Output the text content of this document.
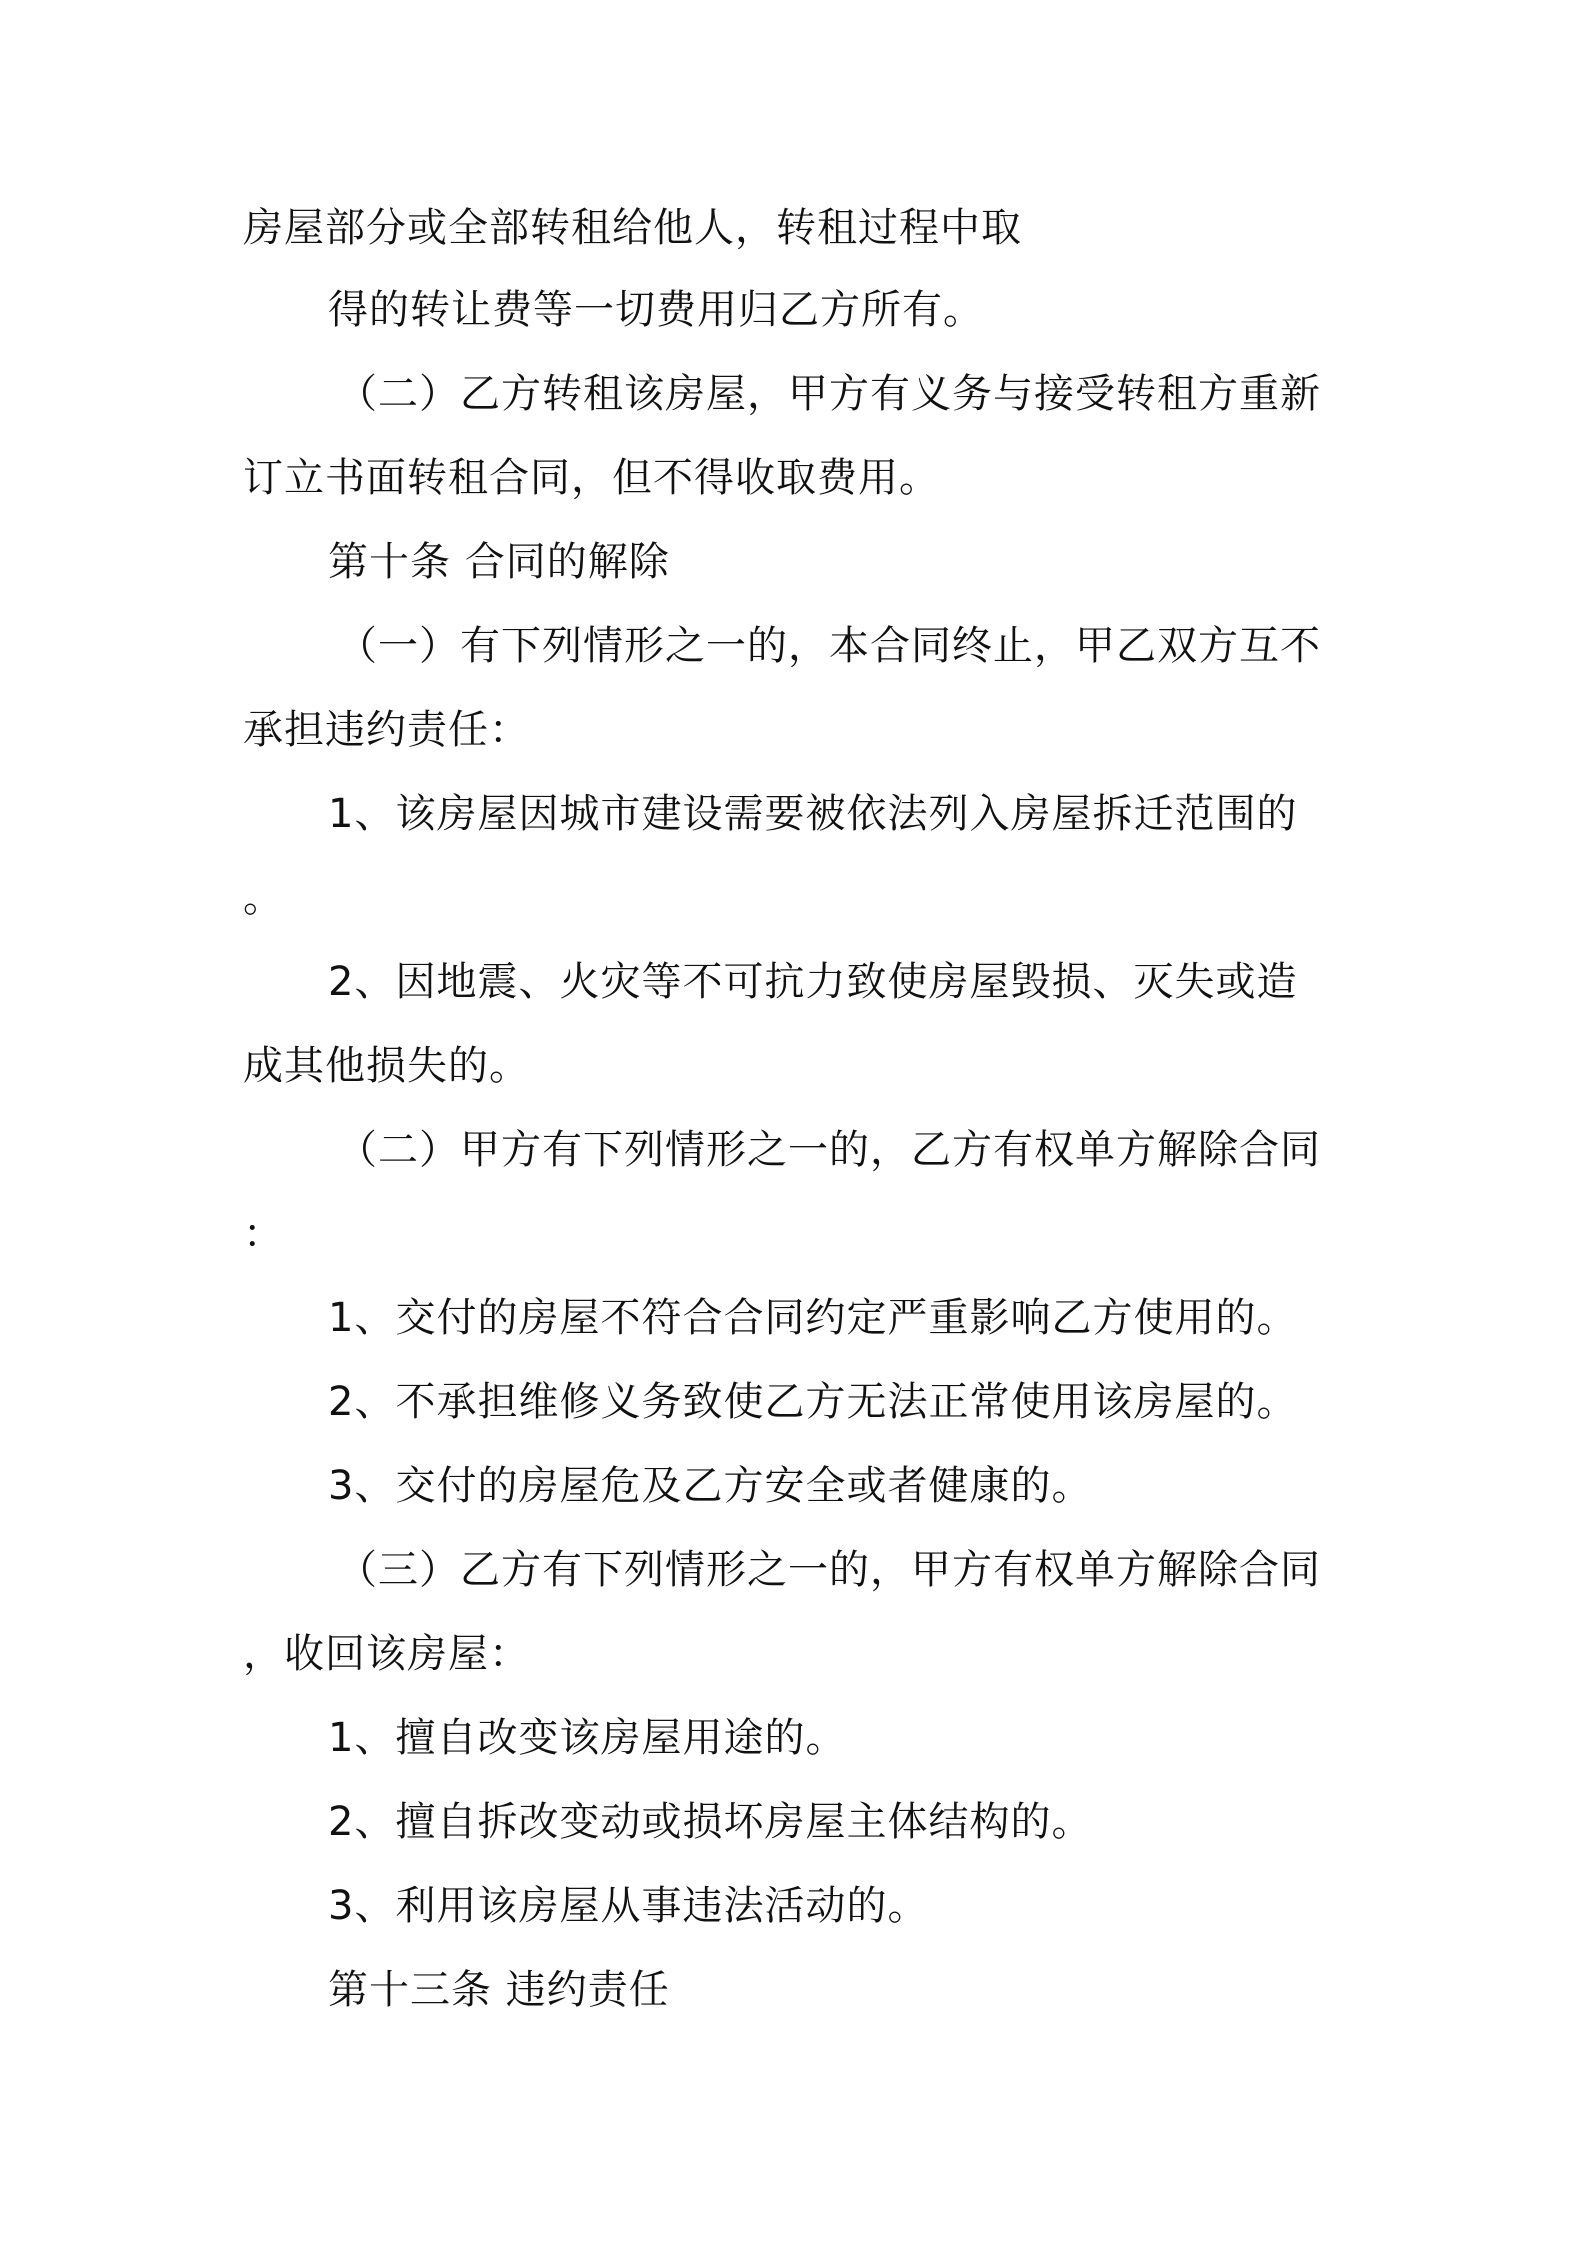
房屋部分或全部转租给他人，转租过程中取
得的转让费等一切费用归乙方所有。
（二）乙方转租该房屋，甲方有义务与接受转租方重新
订立书面转租合同，但不得收取费用。
第十条 合同的解除
（一）有下列情形之一的，本合同终止，甲乙双方互不
承担违约责任：
1、该房屋因城市建设需要被依法列入房屋拆迁范围的
。
2、因地震、火灾等不可抗力致使房屋毁损、灭失或造
成其他损失的。
（二）甲方有下列情形之一的，乙方有权单方解除合同
：
1、交付的房屋不符合合同约定严重影响乙方使用的。
2、不承担维修义务致使乙方无法正常使用该房屋的。
3、交付的房屋危及乙方安全或者健康的。
（三）乙方有下列情形之一的，甲方有权单方解除合同
，收回该房屋：
1、擅自改变该房屋用途的。
2、擅自拆改变动或损坏房屋主体结构的。
3、利用该房屋从事违法活动的。
第十三条 违约责任
